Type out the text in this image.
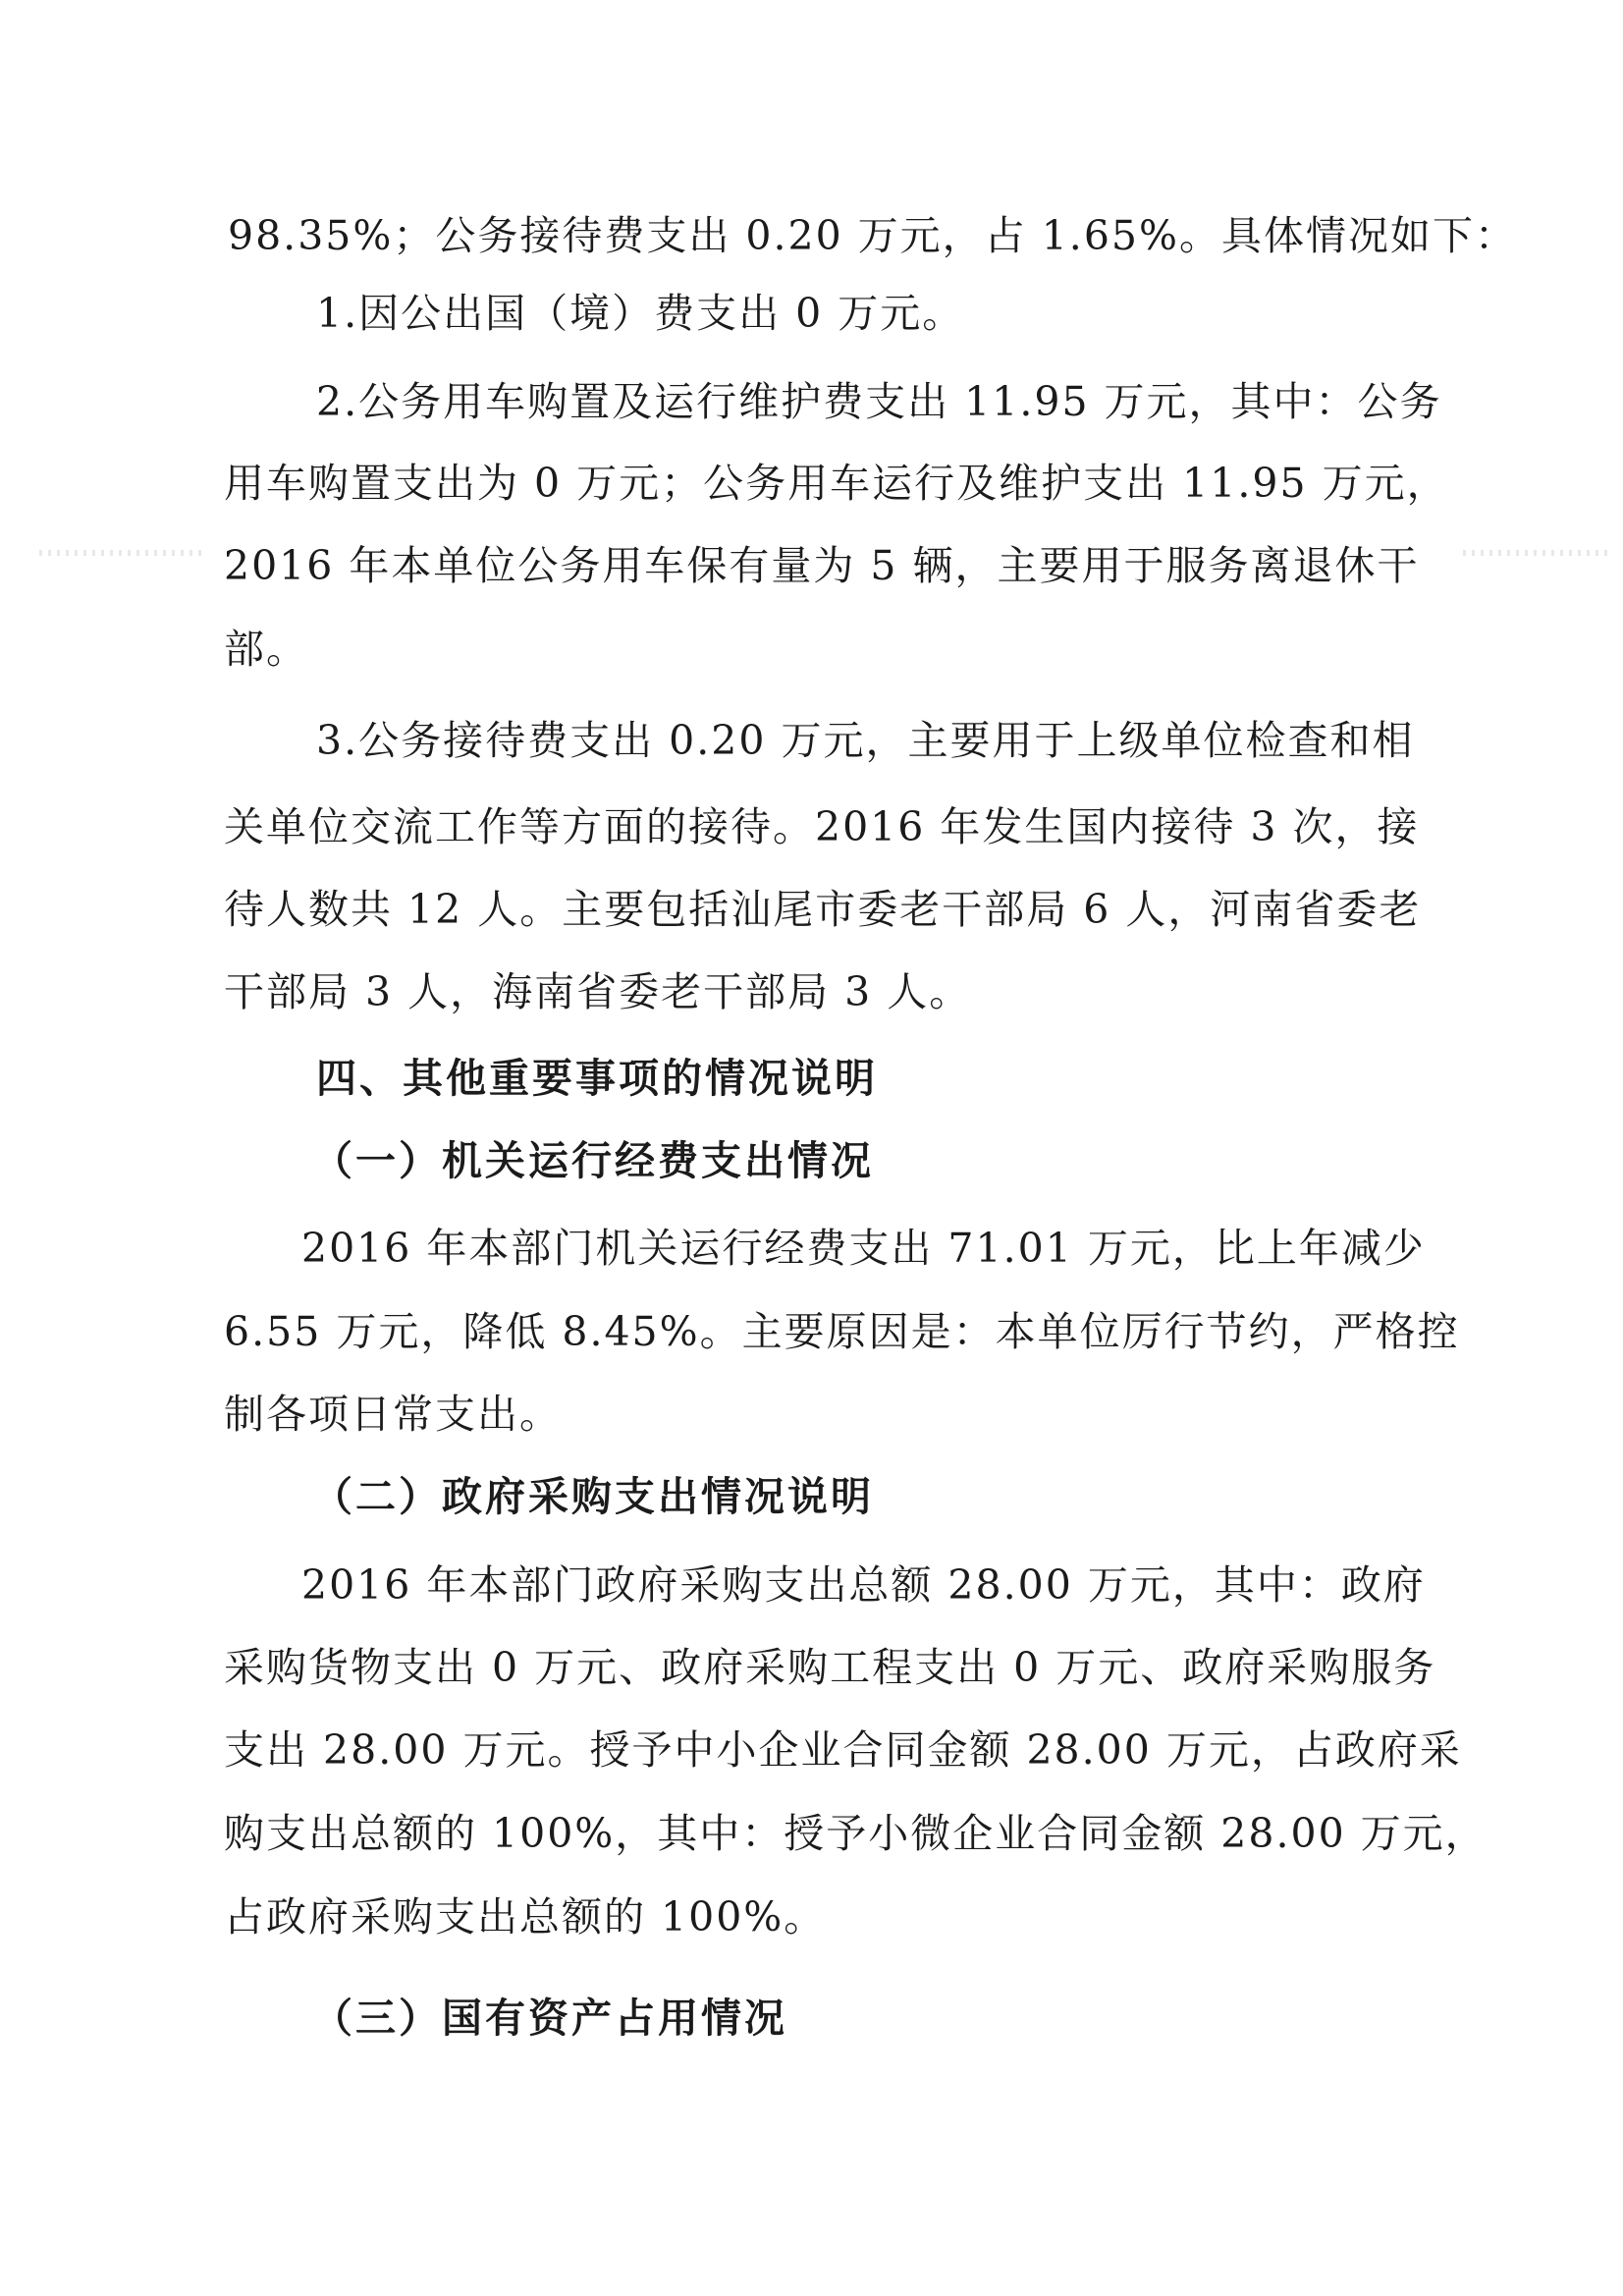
98.35%；公务接待费支出 0.20 万元，占 1.65%。具体情况如下：
1.因公出国（境）费支出 0 万元。
2.公务用车购置及运行维护费支出 11.95 万元，其中：公务
用车购置支出为 0 万元；公务用车运行及维护支出 11.95 万元，
2016 年本单位公务用车保有量为 5 辆，主要用于服务离退休干
部。
3.公务接待费支出 0.20 万元，主要用于上级单位检查和相
关单位交流工作等方面的接待。2016 年发生国内接待 3 次，接
待人数共 12 人。主要包括汕尾市委老干部局 6 人，河南省委老
干部局 3 人，海南省委老干部局 3 人。
四、其他重要事项的情况说明
（一）机关运行经费支出情况
2016 年本部门机关运行经费支出 71.01 万元，比上年减少
6.55 万元，降低 8.45%。主要原因是：本单位厉行节约，严格控
制各项日常支出。
（二）政府采购支出情况说明
2016 年本部门政府采购支出总额 28.00 万元，其中：政府
采购货物支出 0 万元、政府采购工程支出 0 万元、政府采购服务
支出 28.00 万元。授予中小企业合同金额 28.00 万元，占政府采
购支出总额的 100%，其中：授予小微企业合同金额 28.00 万元，
占政府采购支出总额的 100%。
（三）国有资产占用情况
